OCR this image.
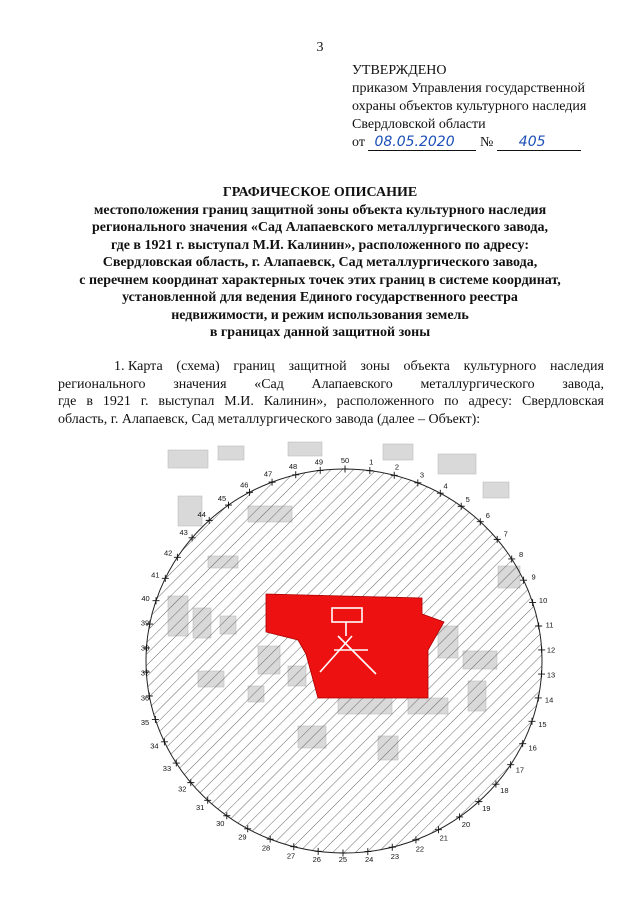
3
УТВЕРЖДЕНО
приказом Управления государственной
охраны объектов культурного наследия
Свердловской области
от 08.05.2020 № 405
ГРАФИЧЕСКОЕ ОПИСАНИЕ
местоположения границ защитной зоны объекта культурного наследия
регионального значения «Сад Алапаевского металлургического завода,
где в 1921 г. выступал М.И. Калинин», расположенного по адресу:
Свердловская область, г. Алапаевск, Сад металлургического завода,
с перечнем координат характерных точек этих границ в системе координат,
установленной для ведения Единого государственного реестра
недвижимости, и режим использования земель
в границах данной защитной зоны
1. Карта (схема) границ защитной зоны объекта культурного наследия
регионального значения «Сад Алапаевского металлургического завода,
где в 1921 г. выступал М.И. Калинин», расположенного по адресу: Свердловская
область, г. Алапаевск, Сад металлургического завода (далее – Объект):
1
2
3
4
5
6
7
8
9
10
11
12
13
14
15
16
17
18
19
20
21
22
23
24
25
26
27
28
29
30
31
32
33
34
35
36
37
38
39
40
41
42
43
44
45
46
47
48
49 50
